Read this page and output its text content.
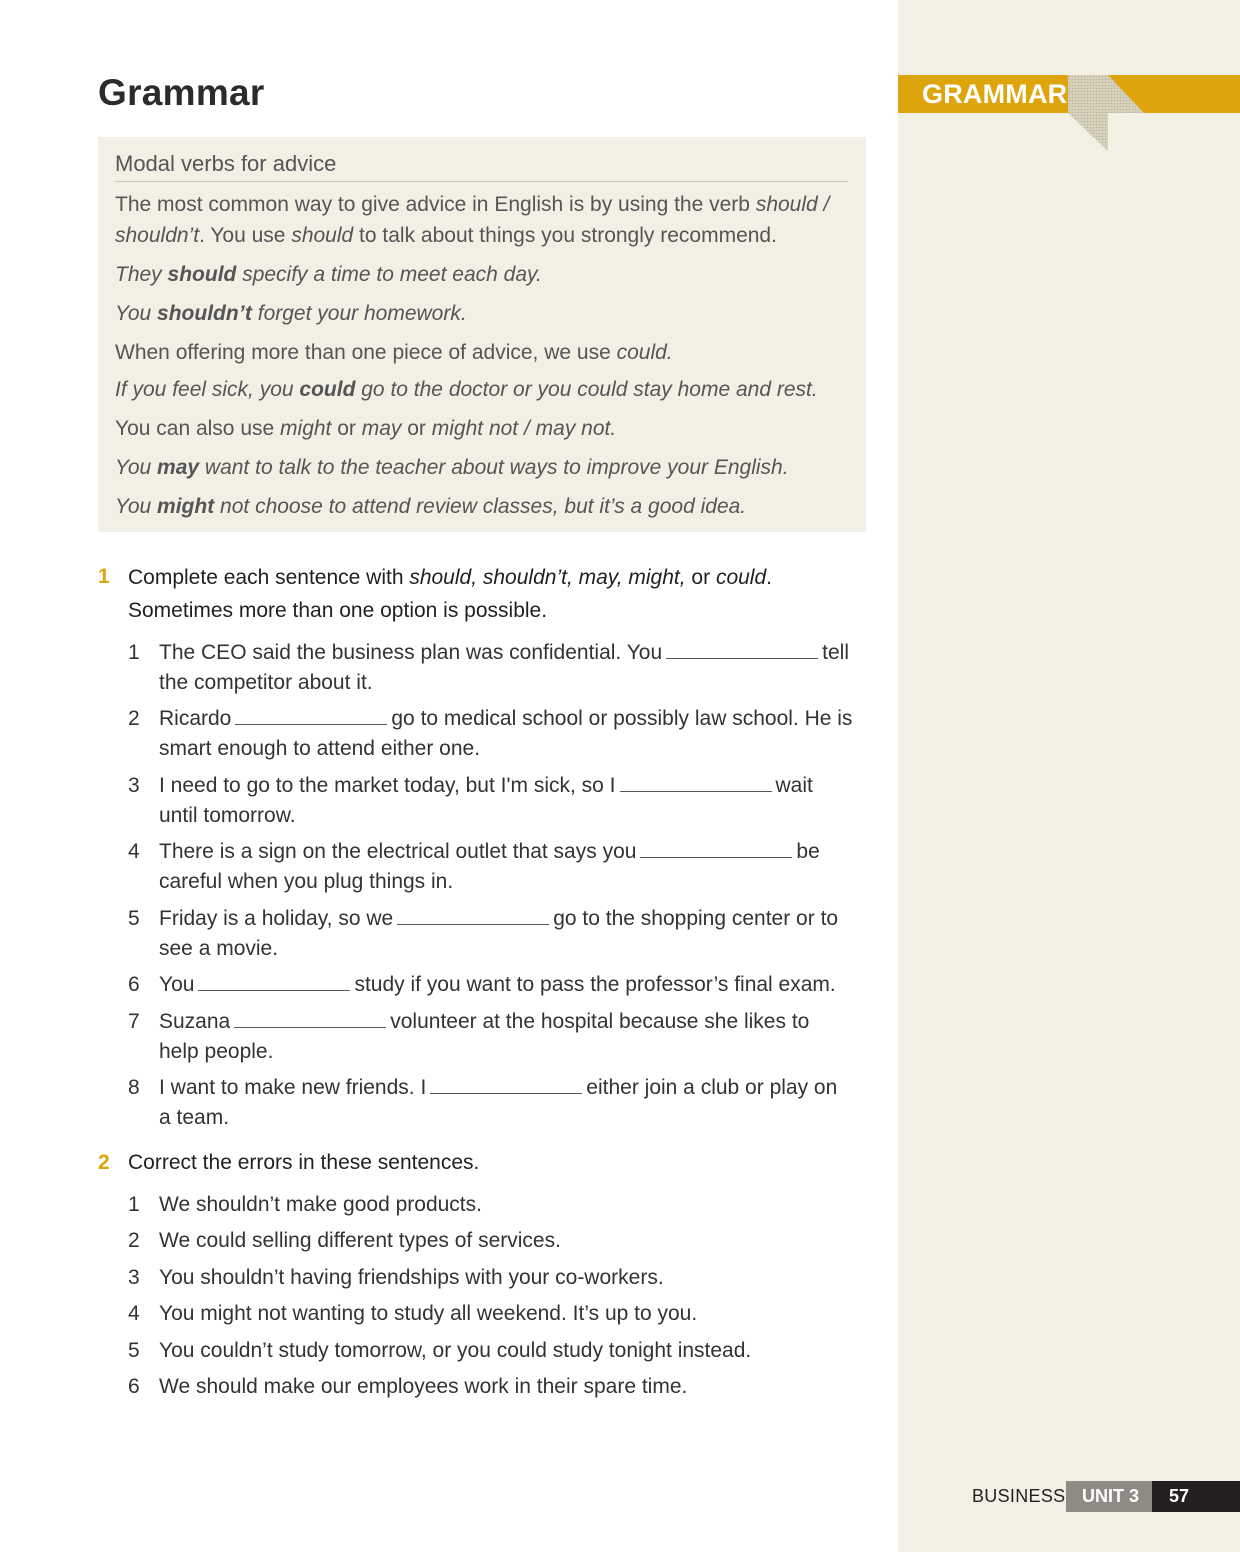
GRAMMAR
Grammar
Modal verbs for advice
The most common way to give advice in English is by using the verb should /
shouldn’t. You use should to talk about things you strongly recommend.
They should specify a time to meet each day.
You shouldn’t forget your homework.
When offering more than one piece of advice, we use could.
If you feel sick, you could go to the doctor or you could stay home and rest.
You can also use might or may or might not / may not.
You may want to talk to the teacher about ways to improve your English.
You might not choose to attend review classes, but it’s a good idea.
1 Complete each sentence with should, shouldn’t, may, might, or could.
Sometimes more than one option is possible.
1 The CEO said the business plan was confidential. You	tell
the competitor about it.
2 Ricardo	go to medical school or possibly law school. He is
smart enough to attend either one.
3 I need to go to the market today, but I'm sick, so I	wait
until tomorrow.
4 There is a sign on the electrical outlet that says you	be
careful when you plug things in.
5 Friday is a holiday, so we	go to the shopping center or to
see a movie.
6 You	study if you want to pass the professor’s final exam.
7 Suzana	volunteer at the hospital because she likes to
help people.
8 I want to make new friends. I	either join a club or play on
a team.
2 Correct the errors in these sentences.
1 We shouldn’t make good products.
2 We could selling different types of services.
3 You shouldn’t having friendships with your co-workers.
4 You might not wanting to study all weekend. It’s up to you.
5 You couldn’t study tomorrow, or you could study tonight instead.
6 We should make our employees work in their spare time.
BUSINESS UNIT 3 57
